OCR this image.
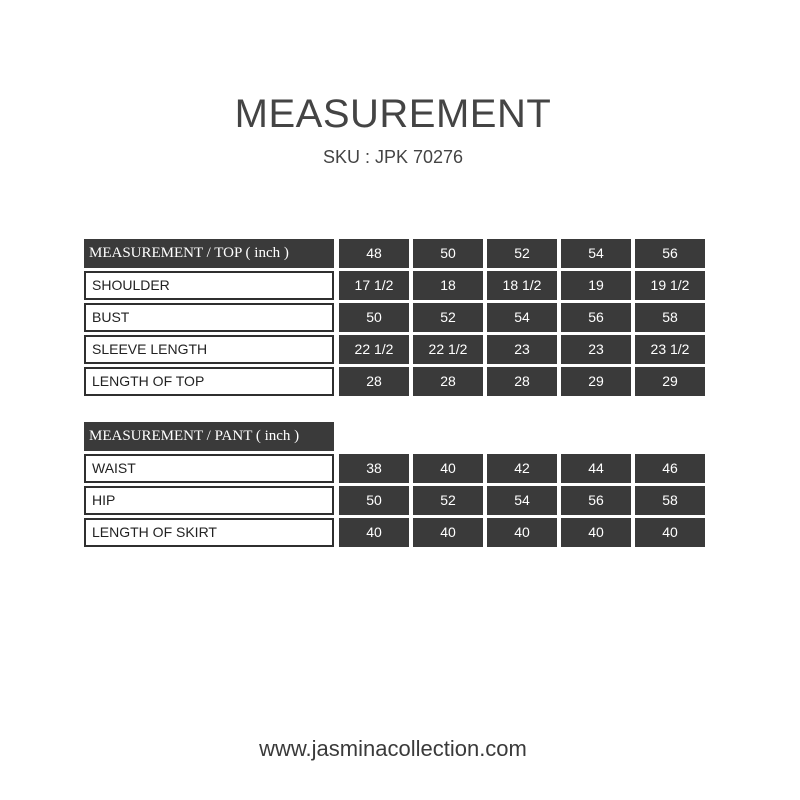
MEASUREMENT
SKU : JPK 70276
MEASUREMENT / TOP ( inch )	48	50	52	54	56
SHOULDER	17 1/2	18	18 1/2	19	19 1/2
BUST	50	52	54	56	58
SLEEVE LENGTH	22 1/2	22 1/2	23	23	23 1/2
LENGTH OF TOP	28	28	28	29	29
MEASUREMENT / PANT ( inch )
WAIST	38	40	42	44	46
HIP	50	52	54	56	58
LENGTH OF SKIRT	40	40	40	40	40
www.jasminacollection.com
